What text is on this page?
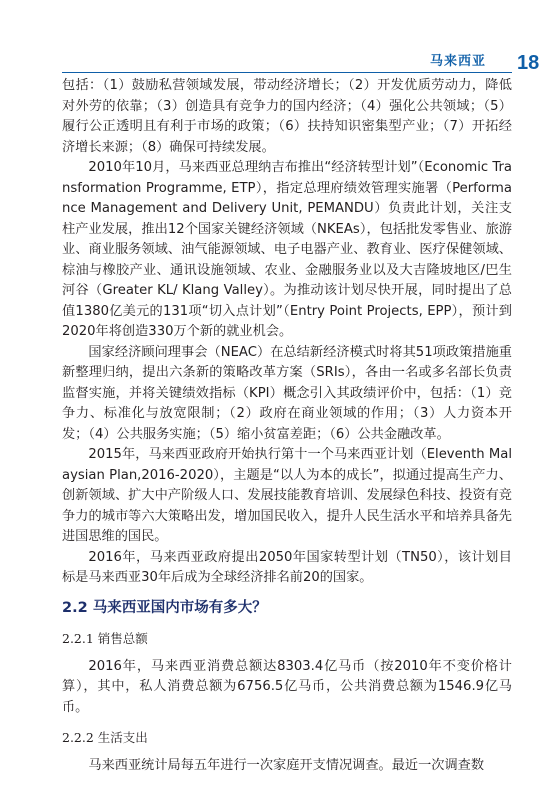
马来西亚 18

包括：（1）鼓励私营领域发展，带动经济增长；（2）开发优质劳动力，降低对外劳的依靠；（3）创造具有竞争力的国内经济；（4）强化公共领域；（5）履行公正透明且有利于市场的政策；（6）扶持知识密集型产业；（7）开拓经济增长来源；（8）确保可持续发展。

2010年10月，马来西亚总理纳吉布推出“经济转型计划”（Economic Transformation Programme, ETP），指定总理府绩效管理实施署（Performance Management and Delivery Unit, PEMANDU）负责此计划，关注支柱产业发展，推出12个国家关键经济领域（NKEAs），包括批发零售业、旅游业、商业服务领域、油气能源领域、电子电器产业、教育业、医疗保健领域、棕油与橡胶产业、通讯设施领域、农业、金融服务业以及大吉隆坡地区/巴生河谷（Greater KL/ Klang Valley）。为推动该计划尽快开展，同时提出了总值1380亿美元的131项“切入点计划”（Entry Point Projects, EPP），预计到2020年将创造330万个新的就业机会。

国家经济顾问理事会（NEAC）在总结新经济模式时将其51项政策措施重新整理归纳，提出六条新的策略改革方案（SRIs），各由一名或多名部长负责监督实施，并将关键绩效指标（KPI）概念引入其政绩评价中，包括：（1）竞争力、标准化与放宽限制；（2）政府在商业领域的作用；（3）人力资本开发；（4）公共服务实施；（5）缩小贫富差距；（6）公共金融改革。

2015年，马来西亚政府开始执行第十一个马来西亚计划（Eleventh Malaysian Plan,2016-2020），主题是“以人为本的成长”，拟通过提高生产力、创新领域、扩大中产阶级人口、发展技能教育培训、发展绿色科技、投资有竞争力的城市等六大策略出发，增加国民收入，提升人民生活水平和培养具备先进国思维的国民。

2016年，马来西亚政府提出2050年国家转型计划（TN50），该计划目标是马来西亚30年后成为全球经济排名前20的国家。

2.2 马来西亚国内市场有多大？
2.2.1 销售总额

2016年，马来西亚消费总额达8303.4亿马币（按2010年不变价格计算），其中，私人消费总额为6756.5亿马币，公共消费总额为1546.9亿马币。

2.2.2 生活支出

马来西亚统计局每五年进行一次家庭开支情况调查。最近一次调查数
